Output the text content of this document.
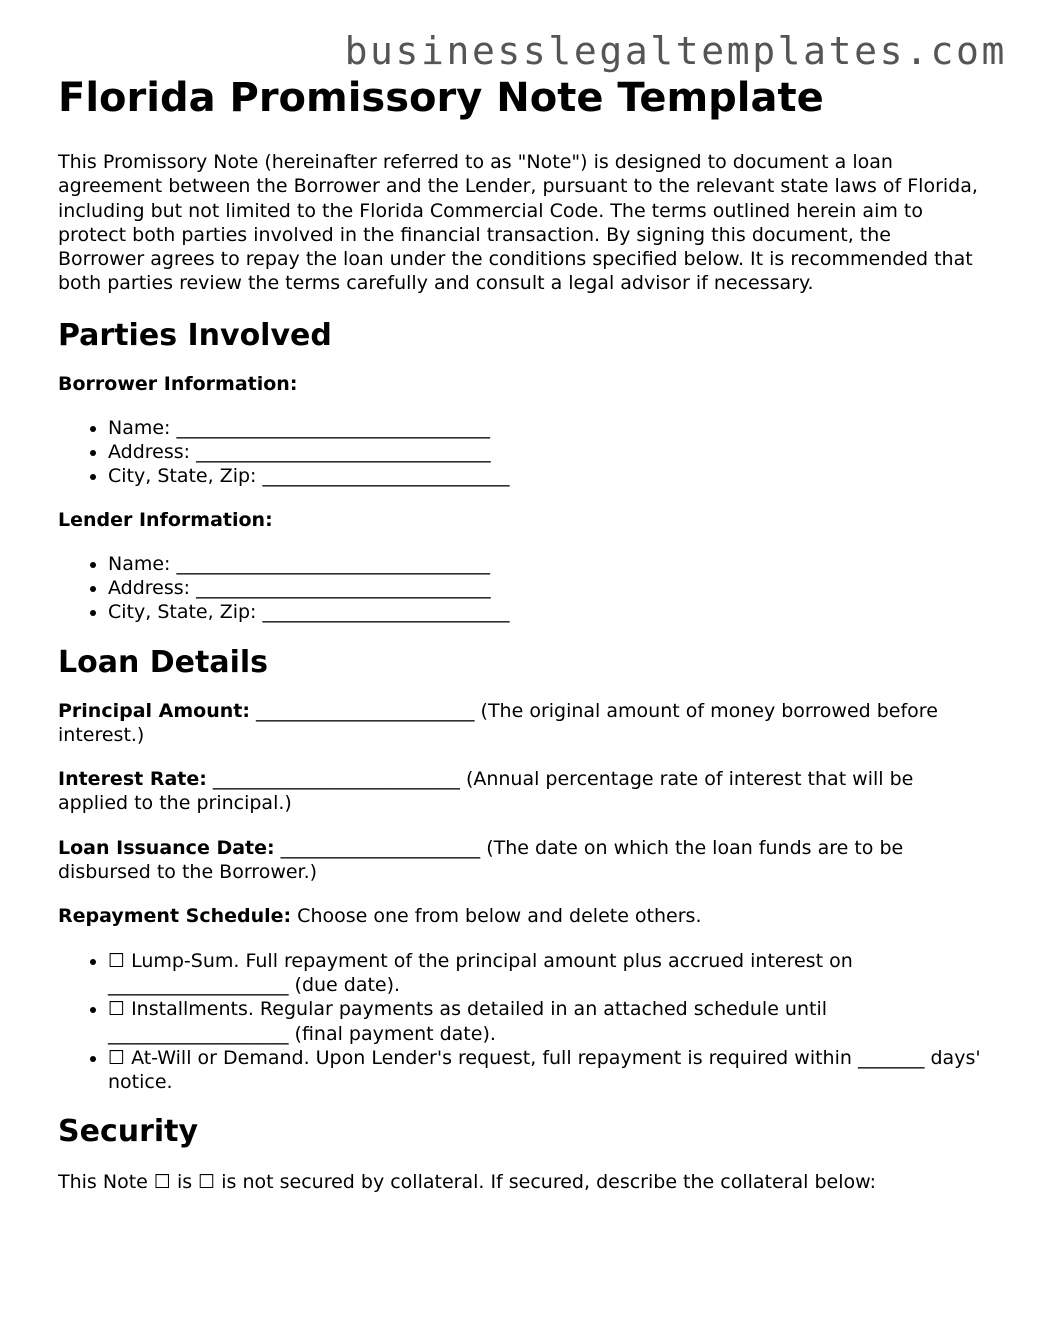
businesslegaltemplates.com
Florida Promissory Note Template

This Promissory Note (hereinafter referred to as "Note") is designed to document a loan agreement between the Borrower and the Lender, pursuant to the relevant state laws of Florida, including but not limited to the Florida Commercial Code. The terms outlined herein aim to protect both parties involved in the financial transaction. By signing this document, the Borrower agrees to repay the loan under the conditions specified below. It is recommended that both parties review the terms carefully and consult a legal advisor if necessary.

Parties Involved
Borrower Information:
• Name: _________________________________
• Address: _______________________________
• City, State, Zip: __________________________
Lender Information:
• Name: _________________________________
• Address: _______________________________
• City, State, Zip: __________________________
Loan Details

Principal Amount: _______________________ (The original amount of money borrowed before interest.)

Interest Rate: __________________________ (Annual percentage rate of interest that will be applied to the principal.)

Loan Issuance Date: _____________________ (The date on which the loan funds are to be disbursed to the Borrower.)

Repayment Schedule: Choose one from below and delete others.

• ☐ Lump-Sum. Full repayment of the principal amount plus accrued interest on ___________________ (due date).
• ☐ Installments. Regular payments as detailed in an attached schedule until ___________________ (final payment date).
• ☐ At-Will or Demand. Upon Lender's request, full repayment is required within _______ days' notice.
Security

This Note ☐ is ☐ is not secured by collateral. If secured, describe the collateral below:
